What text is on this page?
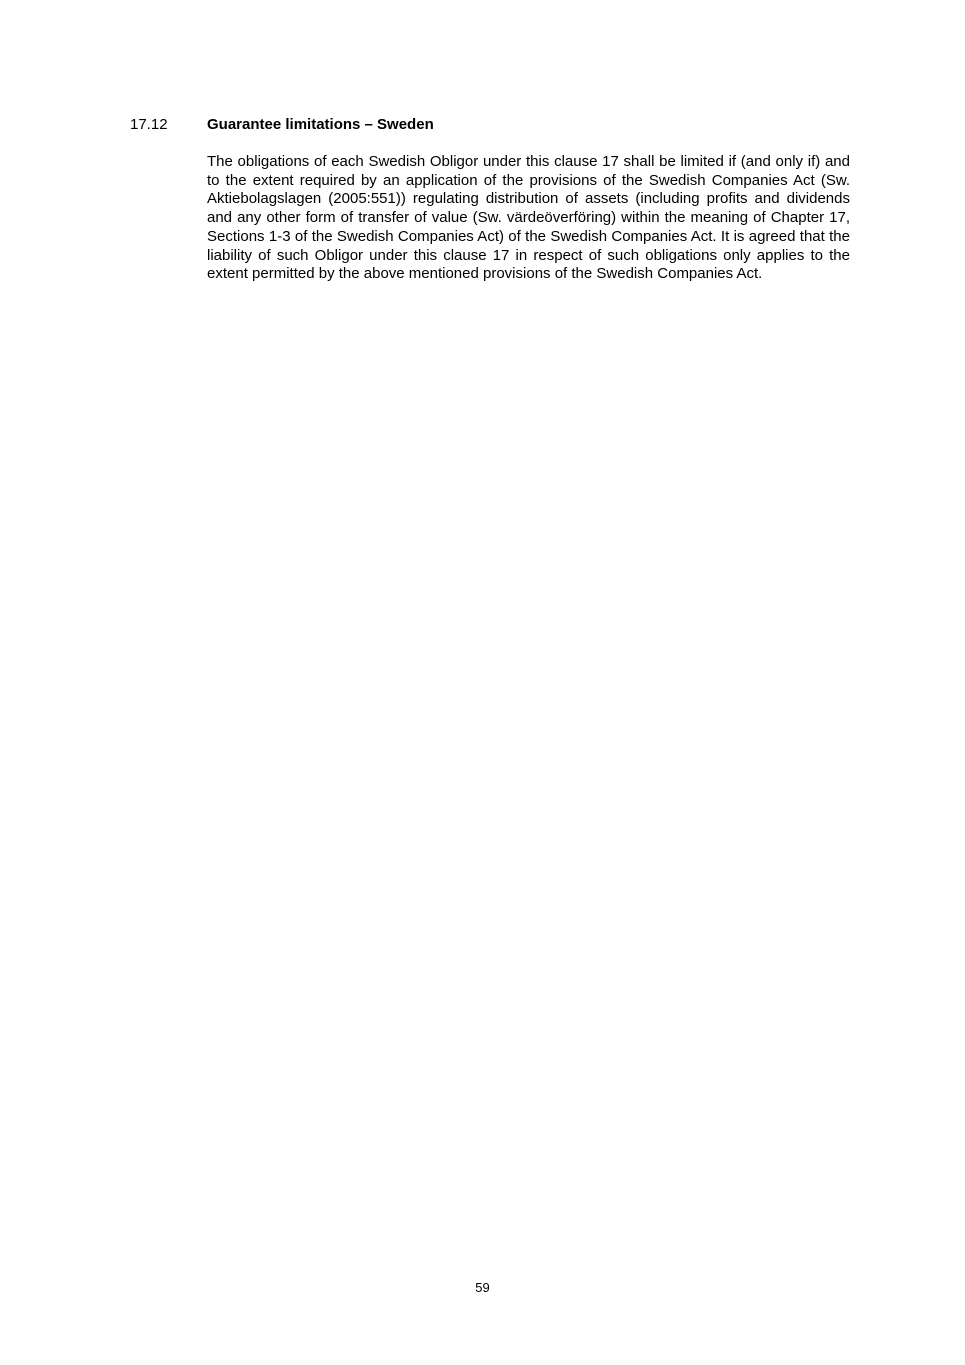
17.12	Guarantee limitations – Sweden

The obligations of each Swedish Obligor under this clause 17 shall be limited if (and only if) and to the extent required by an application of the provisions of the Swedish Companies Act (Sw. Aktiebolagslagen (2005:551)) regulating distribution of assets (including profits and dividends and any other form of transfer of value (Sw. värdeöverföring) within the meaning of Chapter 17, Sections 1-3 of the Swedish Companies Act) of the Swedish Companies Act. It is agreed that the liability of such Obligor under this clause 17 in respect of such obligations only applies to the extent permitted by the above mentioned provisions of the Swedish Companies Act.

59
